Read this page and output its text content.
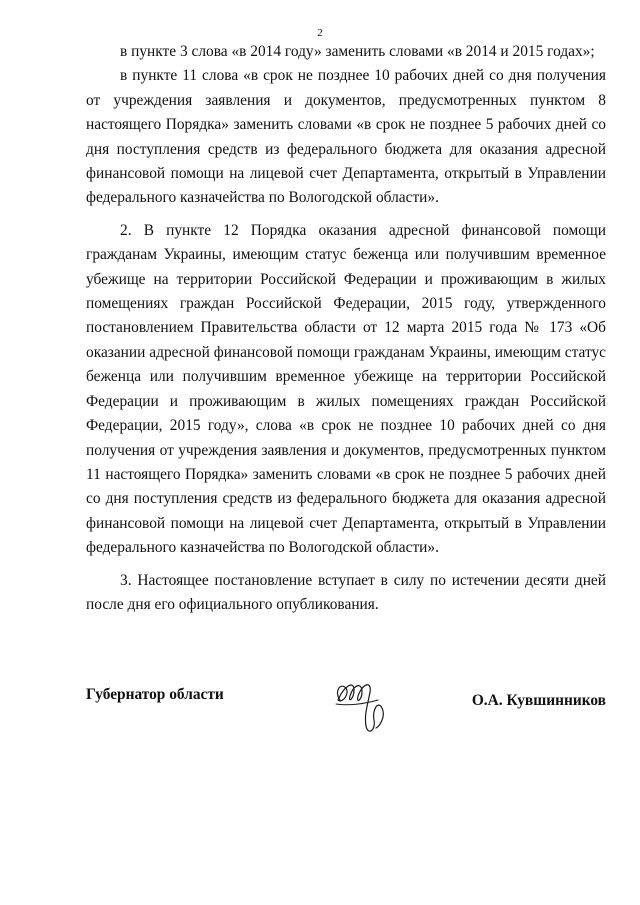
2

в пункте 3 слова «в 2014 году» заменить словами «в 2014 и 2015 годах»;

в пункте 11 слова «в срок не позднее 10 рабочих дней со дня получения от учреждения заявления и документов, предусмотренных пунктом 8 настоящего Порядка» заменить словами «в срок не позднее 5 рабочих дней со дня поступления средств из федерального бюджета для оказания адресной финансовой помощи на лицевой счет Департамента, открытый в Управлении федерального казначейства по Вологодской области».

2. В пункте 12 Порядка оказания адресной финансовой помощи гражданам Украины, имеющим статус беженца или получившим временное убежище на территории Российской Федерации и проживающим в жилых помещениях граждан Российской Федерации, 2015 году, утвержденного постановлением Правительства области от 12 марта 2015 года № 173 «Об оказании адресной финансовой помощи гражданам Украины, имеющим статус беженца или получившим временное убежище на территории Российской Федерации и проживающим в жилых помещениях граждан Российской Федерации, 2015 году», слова «в срок не позднее 10 рабочих дней со дня получения от учреждения заявления и документов, предусмотренных пунктом 11 настоящего Порядка» заменить словами «в срок не позднее 5 рабочих дней со дня поступления средств из федерального бюджета для оказания адресной финансовой помощи на лицевой счет Департамента, открытый в Управлении федерального казначейства по Вологодской области».

3. Настоящее постановление вступает в силу по истечении десяти дней после дня его официального опубликования.

Губернатор области	О.А. Кувшинников
